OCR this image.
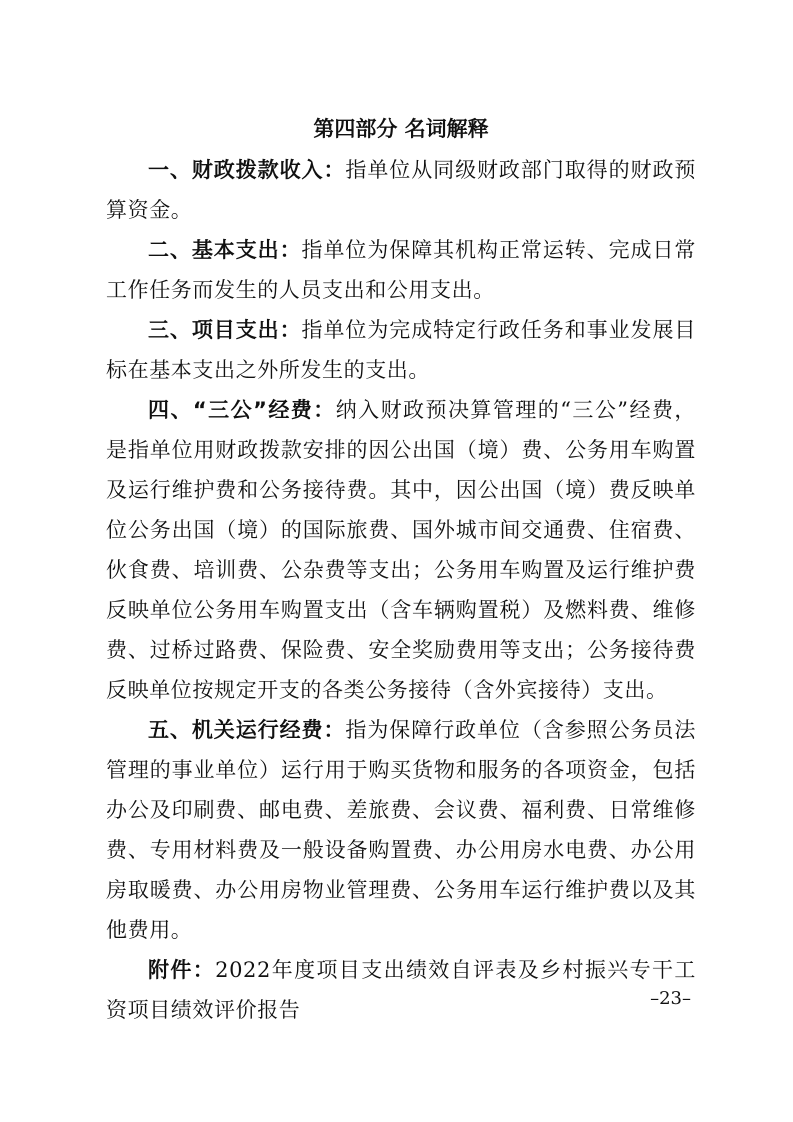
第四部分 名词解释

一、财政拨款收入：指单位从同级财政部门取得的财政预算资金。

二、基本支出：指单位为保障其机构正常运转、完成日常工作任务而发生的人员支出和公用支出。

三、项目支出：指单位为完成特定行政任务和事业发展目标在基本支出之外所发生的支出。

四、“三公”经费：纳入财政预决算管理的“三公”经费，是指单位用财政拨款安排的因公出国（境）费、公务用车购置及运行维护费和公务接待费。其中，因公出国（境）费反映单位公务出国（境）的国际旅费、国外城市间交通费、住宿费、伙食费、培训费、公杂费等支出；公务用车购置及运行维护费反映单位公务用车购置支出（含车辆购置税）及燃料费、维修费、过桥过路费、保险费、安全奖励费用等支出；公务接待费反映单位按规定开支的各类公务接待（含外宾接待）支出。

五、机关运行经费：指为保障行政单位（含参照公务员法管理的事业单位）运行用于购买货物和服务的各项资金，包括办公及印刷费、邮电费、差旅费、会议费、福利费、日常维修费、专用材料费及一般设备购置费、办公用房水电费、办公用房取暖费、办公用房物业管理费、公务用车运行维护费以及其他费用。

附件：2022年度项目支出绩效自评表及乡村振兴专干工资项目绩效评价报告	–23–
